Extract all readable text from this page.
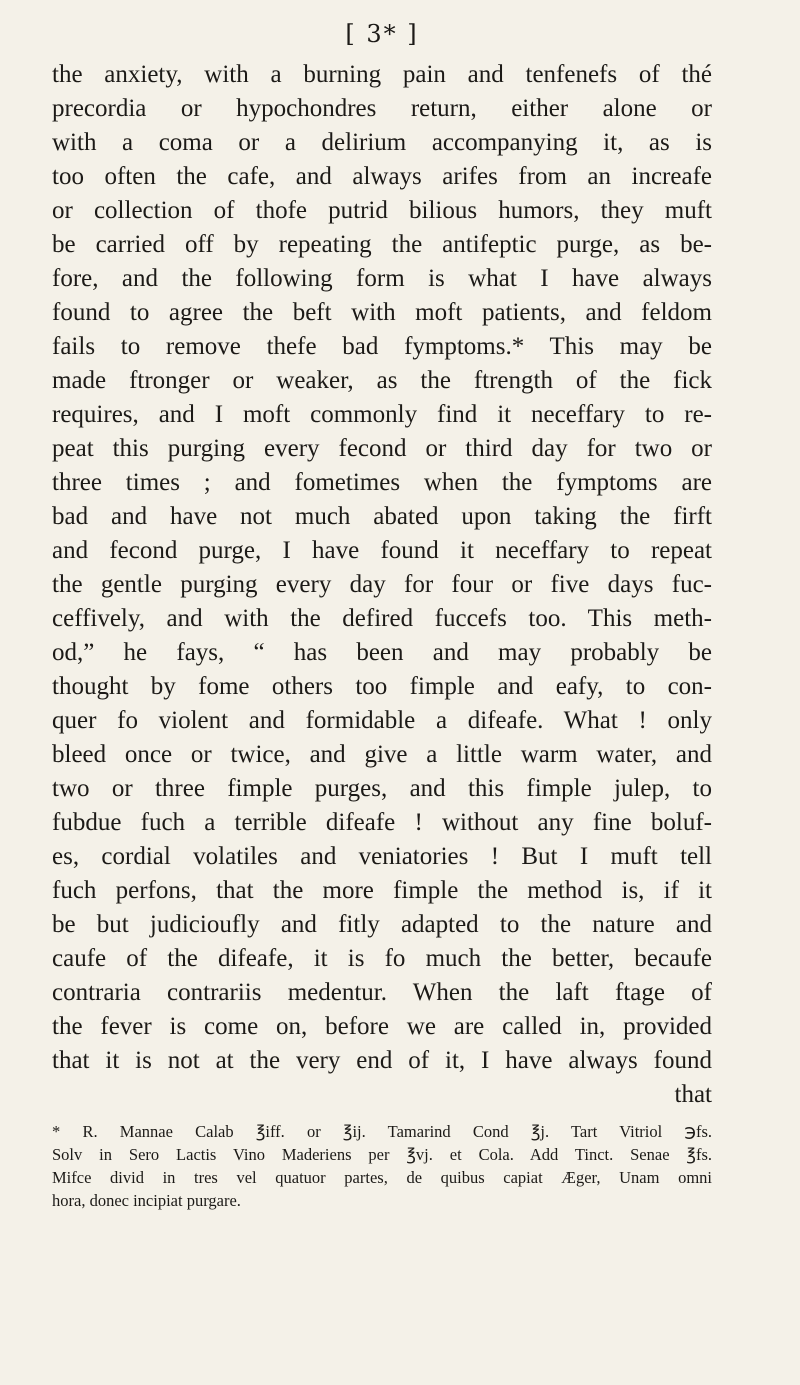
[ 3* ]
the anxiety, with a burning pain and tenfenefs of thé
precordia or hypochondres return, either alone or
with a coma or a delirium accompanying it, as is
too often the cafe, and always arifes from an increafe
or collection of thofe putrid bilious humors, they muft
be carried off by repeating the antifeptic purge, as be-
fore, and the following form is what I have always
found to agree the beft with moft patients, and feldom
fails to remove thefe bad fymptoms.* This may be
made ftronger or weaker, as the ftrength of the fick
requires, and I moft commonly find it neceffary to re-
peat this purging every fecond or third day for two or
three times ; and fometimes when the fymptoms are
bad and have not much abated upon taking the firft
and fecond purge, I have found it neceffary to repeat
the gentle purging every day for four or five days fuc-
ceffively, and with the defired fuccefs too. This meth-
od,” he fays, “ has been and may probably be
thought by fome others too fimple and eafy, to con-
quer fo violent and formidable a difeafe. What ! only
bleed once or twice, and give a little warm water, and
two or three fimple purges, and this fimple julep, to
fubdue fuch a terrible difeafe ! without any fine boluf-
es, cordial volatiles and veniatories ! But I muft tell
fuch perfons, that the more fimple the method is, if it
be but judicioufly and fitly adapted to the nature and
caufe of the difeafe, it is fo much the better, becaufe
contraria contrariis medentur. When the laft ftage of
the fever is come on, before we are called in, provided
that it is not at the very end of it, I have always found
that
* R. Mannae Calab ℥iff. or ℥ij. Tamarind Cond ℥j. Tart Vitriol ℈fs.
Solv in Sero Lactis Vino Maderiens per ℥vj. et Cola. Add Tinct. Senae ℥fs.
Mifce divid in tres vel quatuor partes, de quibus capiat Æger, Unam omni
hora, donec incipiat purgare.
